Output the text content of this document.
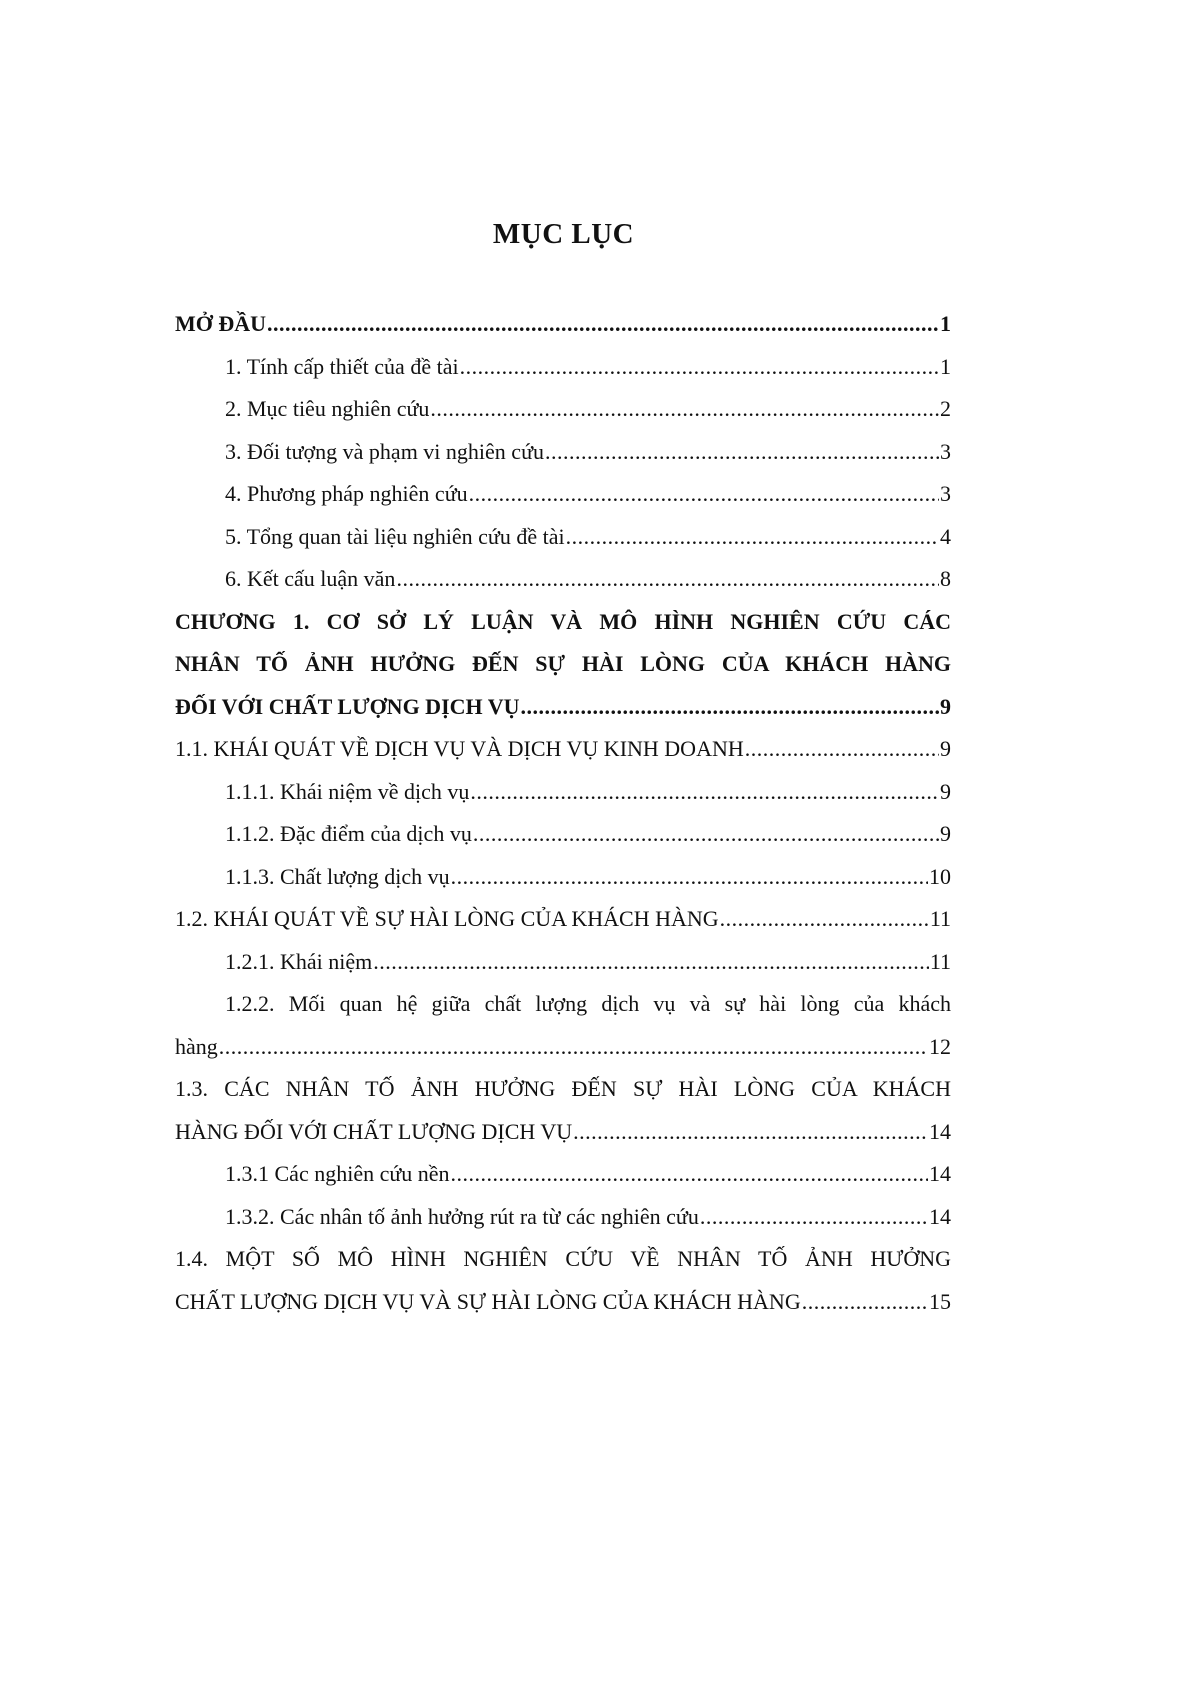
MỤC LỤC
MỞ ĐẦU .....	1
1. Tính cấp thiết của đề tài .....	1
2. Mục tiêu nghiên cứu .....	2
3. Đối tượng và phạm vi nghiên cứu .....	3
4. Phương pháp nghiên cứu .....	3
5. Tổng quan tài liệu nghiên cứu đề tài .....	4
6. Kết cấu luận văn .....	8
CHƯƠNG 1. CƠ SỞ LÝ LUẬN VÀ MÔ HÌNH NGHIÊN CỨU CÁC
NHÂN TỐ ẢNH HƯỞNG ĐẾN SỰ HÀI LÒNG CỦA KHÁCH HÀNG
ĐỐI VỚI CHẤT LƯỢNG DỊCH VỤ .....	9
1.1. KHÁI QUÁT VỀ DỊCH VỤ VÀ DỊCH VỤ KINH DOANH .....	9
1.1.1. Khái niệm về dịch vụ .....	9
1.1.2. Đặc điểm của dịch vụ .....	9
1.1.3. Chất lượng dịch vụ .....	10
1.2. KHÁI QUÁT VỀ SỰ HÀI LÒNG CỦA KHÁCH HÀNG .....	11
1.2.1. Khái niệm .....	11
1.2.2. Mối quan hệ giữa chất lượng dịch vụ và sự hài lòng của khách
hàng .....	12
1.3. CÁC NHÂN TỐ ẢNH HƯỞNG ĐẾN SỰ HÀI LÒNG CỦA KHÁCH
HÀNG ĐỐI VỚI CHẤT LƯỢNG DỊCH VỤ .....	14
1.3.1 Các nghiên cứu nền .....	14
1.3.2. Các nhân tố ảnh hưởng rút ra từ các nghiên cứu .....	14
1.4. MỘT SỐ MÔ HÌNH NGHIÊN CỨU VỀ NHÂN TỐ ẢNH HƯỞNG
CHẤT LƯỢNG DỊCH VỤ VÀ SỰ HÀI LÒNG CỦA KHÁCH HÀNG .....	15
